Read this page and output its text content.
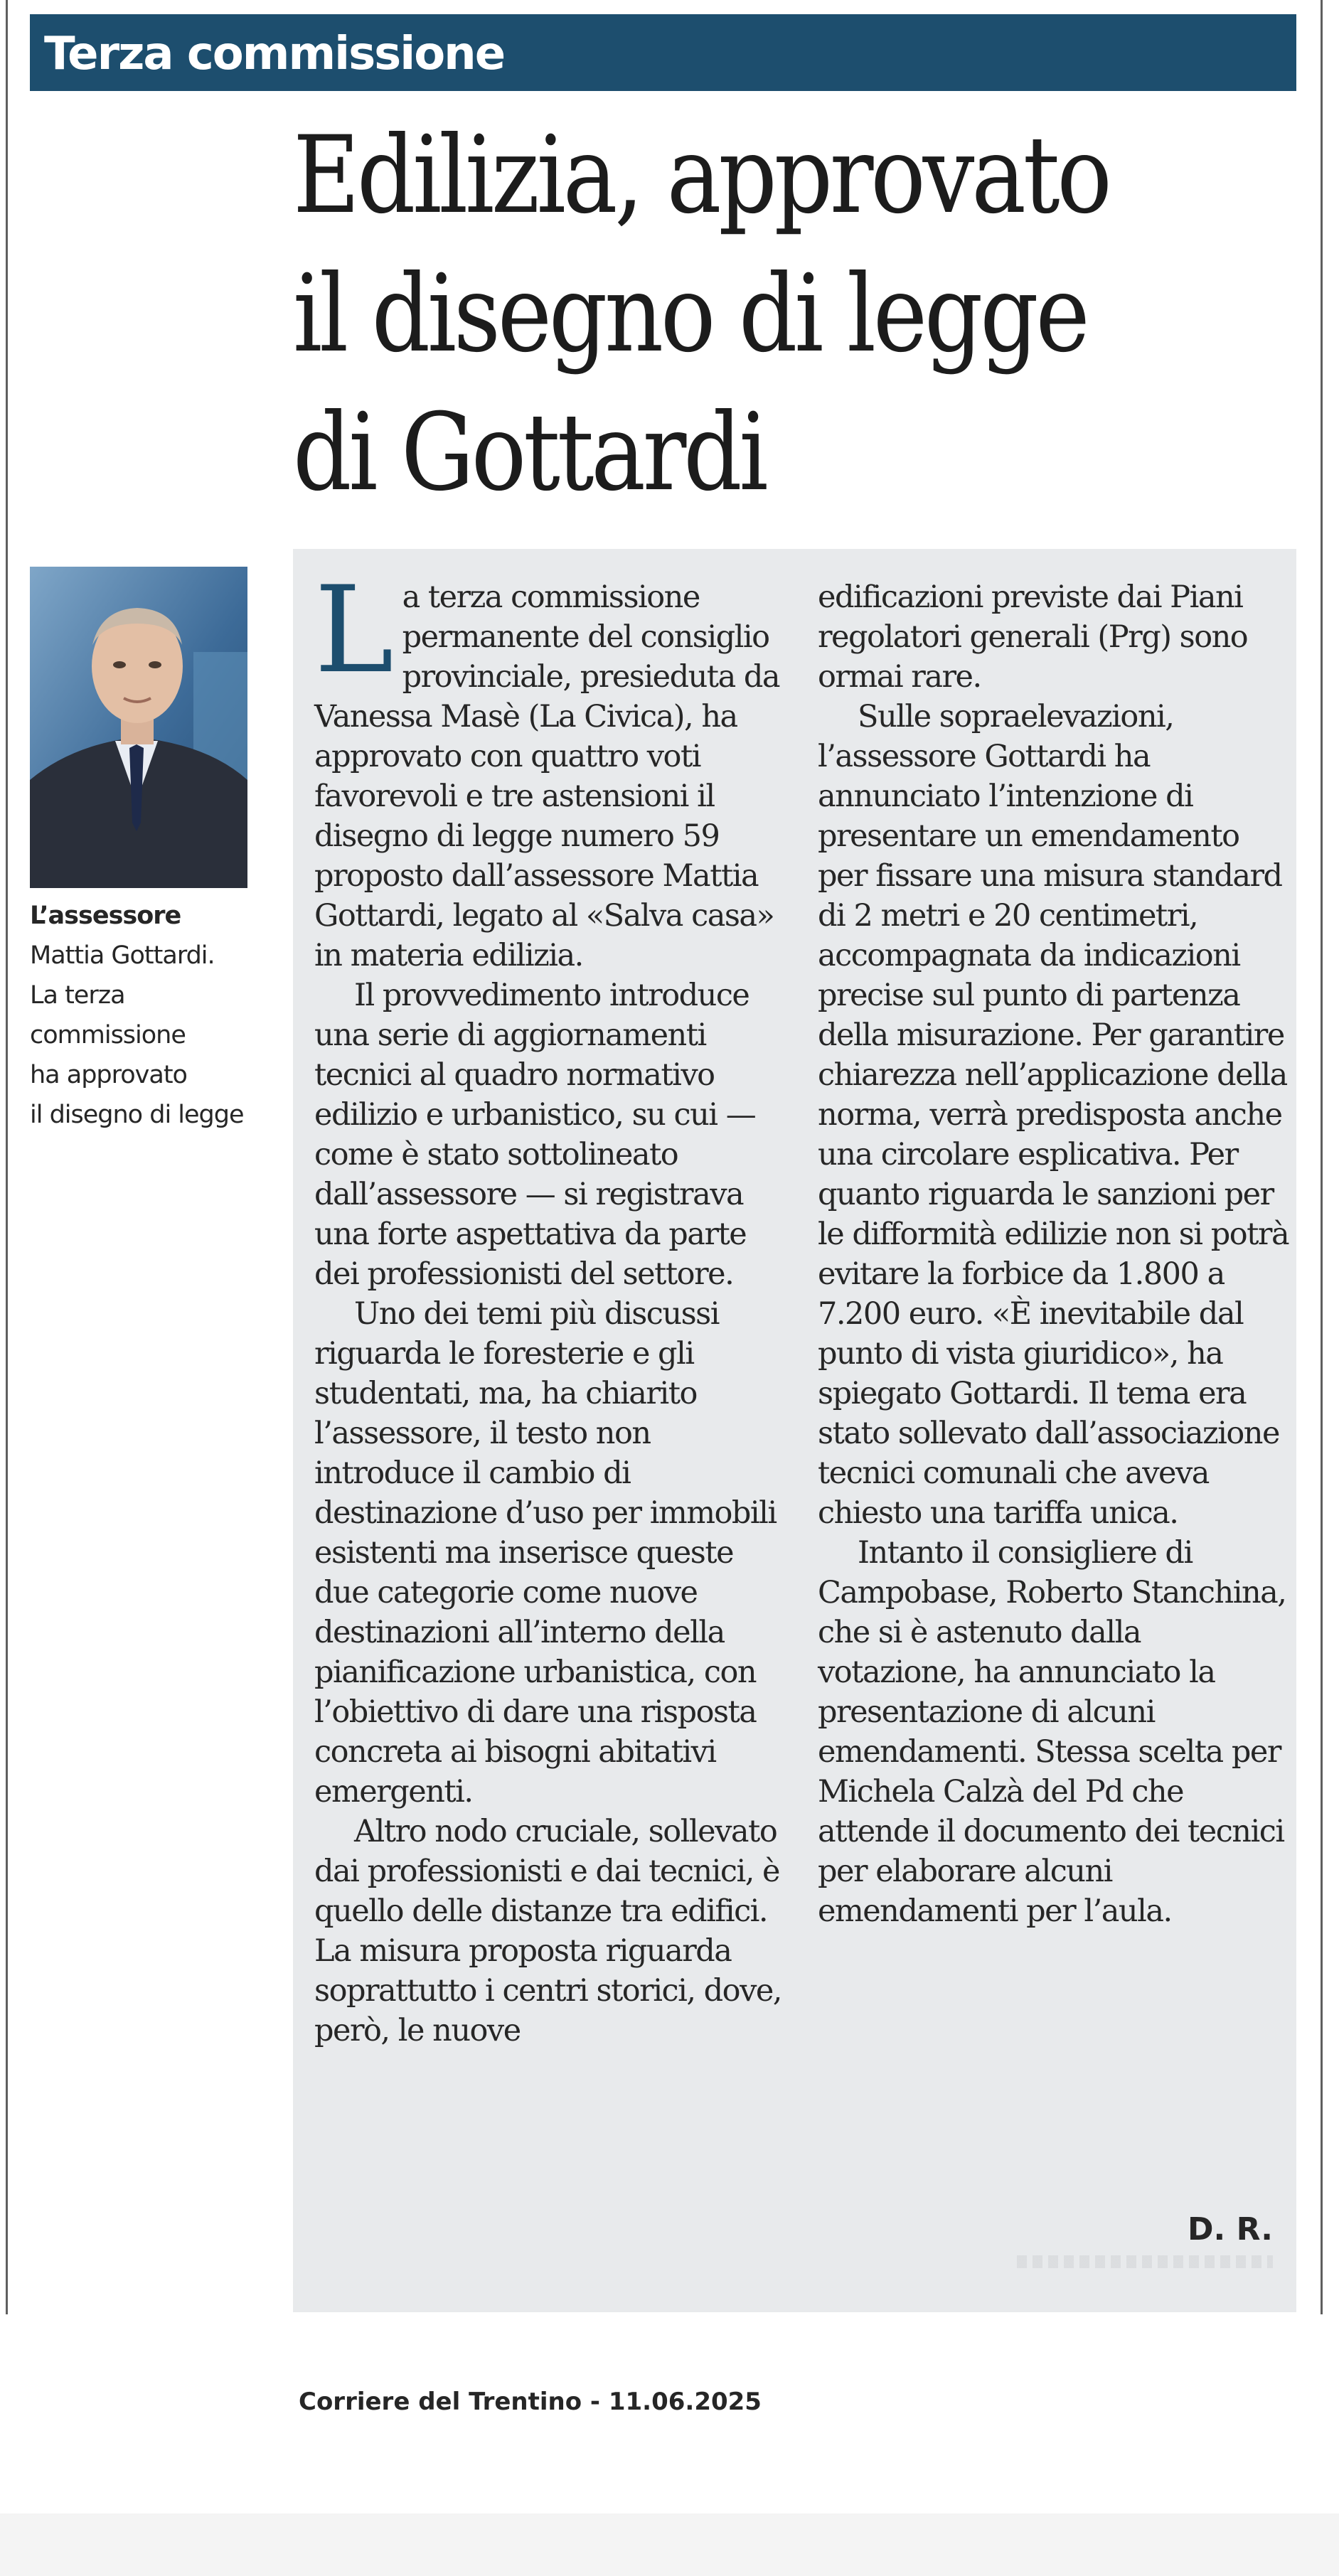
Terza commissione
Edilizia, approvato il disegno di legge di Gottardi
L’assessore
Mattia Gottardi.
La terza
commissione
ha approvato
il disegno di legge

La terza commissione permanente del consiglio provinciale, presieduta da Vanessa Masè (La Civica), ha approvato con quattro voti favorevoli e tre astensioni il disegno di legge numero 59 proposto dall’assessore Mattia Gottardi, legato al «Salva casa» in materia edilizia.

Il provvedimento introduce una serie di aggiornamenti tecnici al quadro normativo edilizio e urbanistico, su cui — come è stato sottolineato dall’assessore — si registrava una forte aspettativa da parte dei professionisti del settore.

Uno dei temi più discussi riguarda le foresterie e gli studentati, ma, ha chiarito l’assessore, il testo non introduce il cambio di destinazione d’uso per immobili esistenti ma inserisce queste due categorie come nuove destinazioni all’interno della pianificazione urbanistica, con l’obiettivo di dare una risposta concreta ai bisogni abitativi emergenti.

Altro nodo cruciale, sollevato dai professionisti e dai tecnici, è quello delle distanze tra edifici. La misura proposta riguarda soprattutto i centri storici, dove, però, le nuove

edificazioni previste dai Piani regolatori generali (Prg) sono ormai rare.

Sulle sopraelevazioni, l’assessore Gottardi ha annunciato l’intenzione di presentare un emendamento per fissare una misura standard di 2 metri e 20 centimetri, accompagnata da indicazioni precise sul punto di partenza della misurazione. Per garantire chiarezza nell’applicazione della norma, verrà predisposta anche una circolare esplicativa. Per quanto riguarda le sanzioni per le difformità edilizie non si potrà evitare la forbice da 1.800 a 7.200 euro. «È inevitabile dal punto di vista giuridico», ha spiegato Gottardi. Il tema era stato sollevato dall’associazione tecnici comunali che aveva chiesto una tariffa unica.

Intanto il consigliere di Campobase, Roberto Stanchina, che si è astenuto dalla votazione, ha annunciato la presentazione di alcuni emendamenti. Stessa scelta per Michela Calzà del Pd che attende il documento dei tecnici per elaborare alcuni emendamenti per l’aula.

D. R.
Corriere del Trentino - 11.06.2025
